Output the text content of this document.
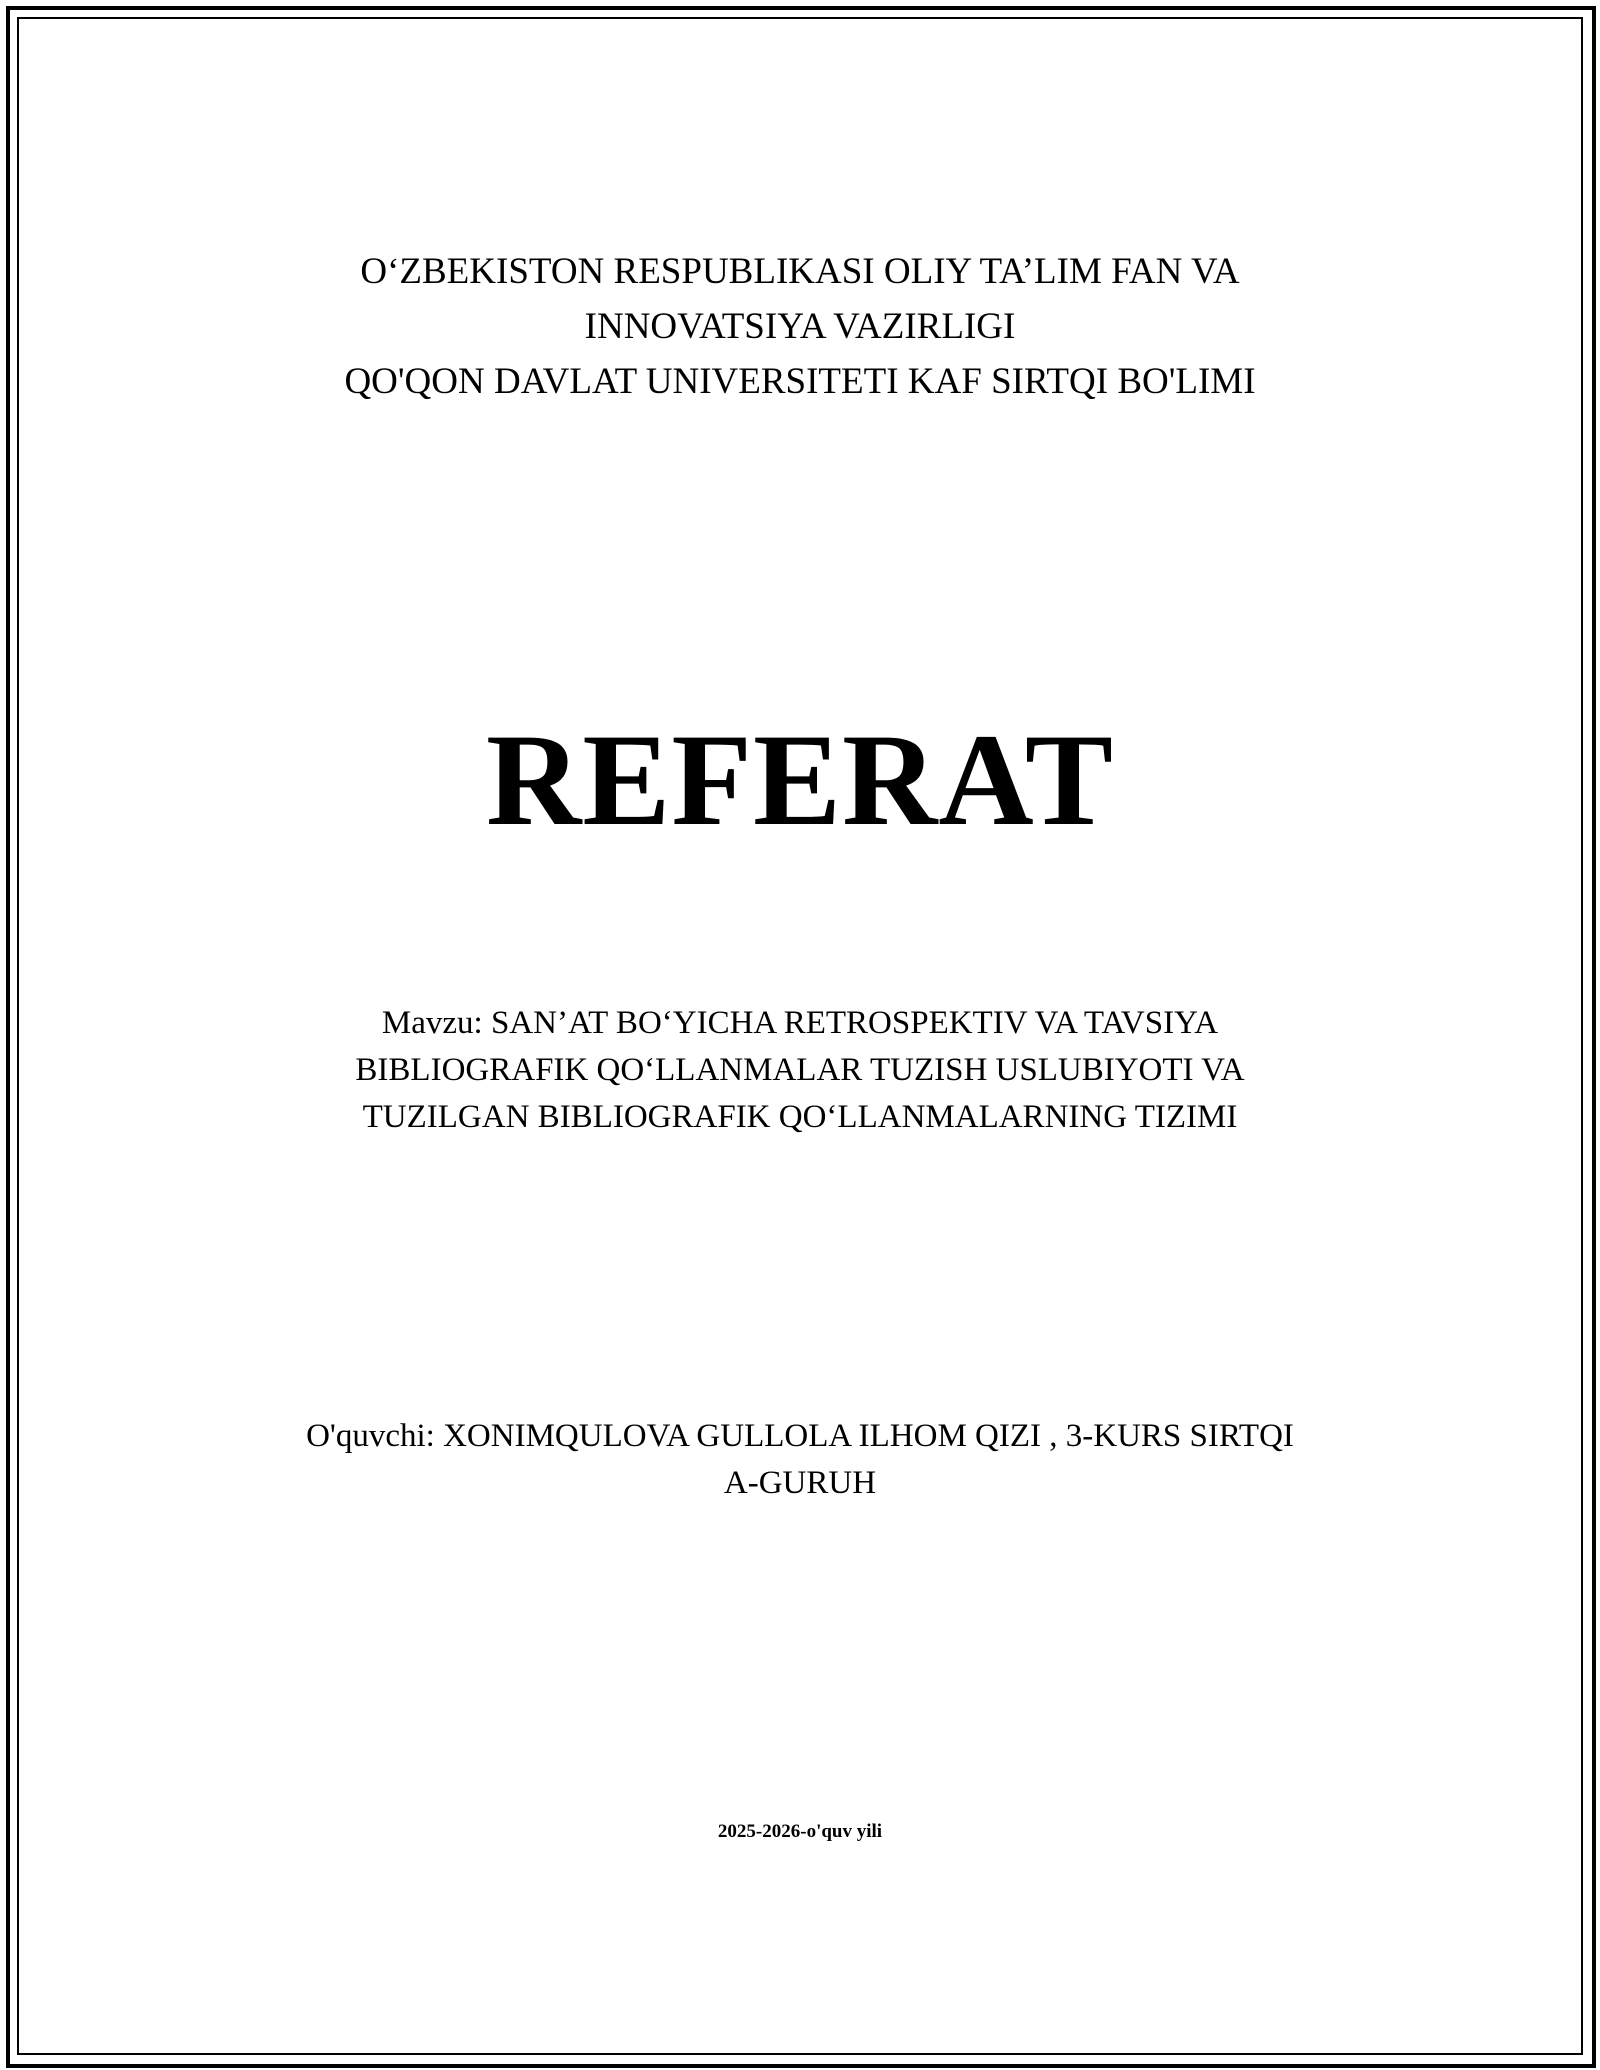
O‘ZBEKISTON RESPUBLIKASI OLIY TA’LIM FAN VA
INNOVATSIYA VAZIRLIGI
QO'QON DAVLAT UNIVERSITETI KAF SIRTQI BO'LIMI
REFERAT
Mavzu: SAN’AT BO‘YICHA RETROSPEKTIV VA TAVSIYA
BIBLIOGRAFIK QO‘LLANMALAR TUZISH USLUBIYOTI VA
TUZILGAN BIBLIOGRAFIK QO‘LLANMALARNING TIZIMI
O'quvchi: XONIMQULOVA GULLOLA ILHOM QIZI , 3-KURS SIRTQI
A-GURUH
2025-2026-o'quv yili
